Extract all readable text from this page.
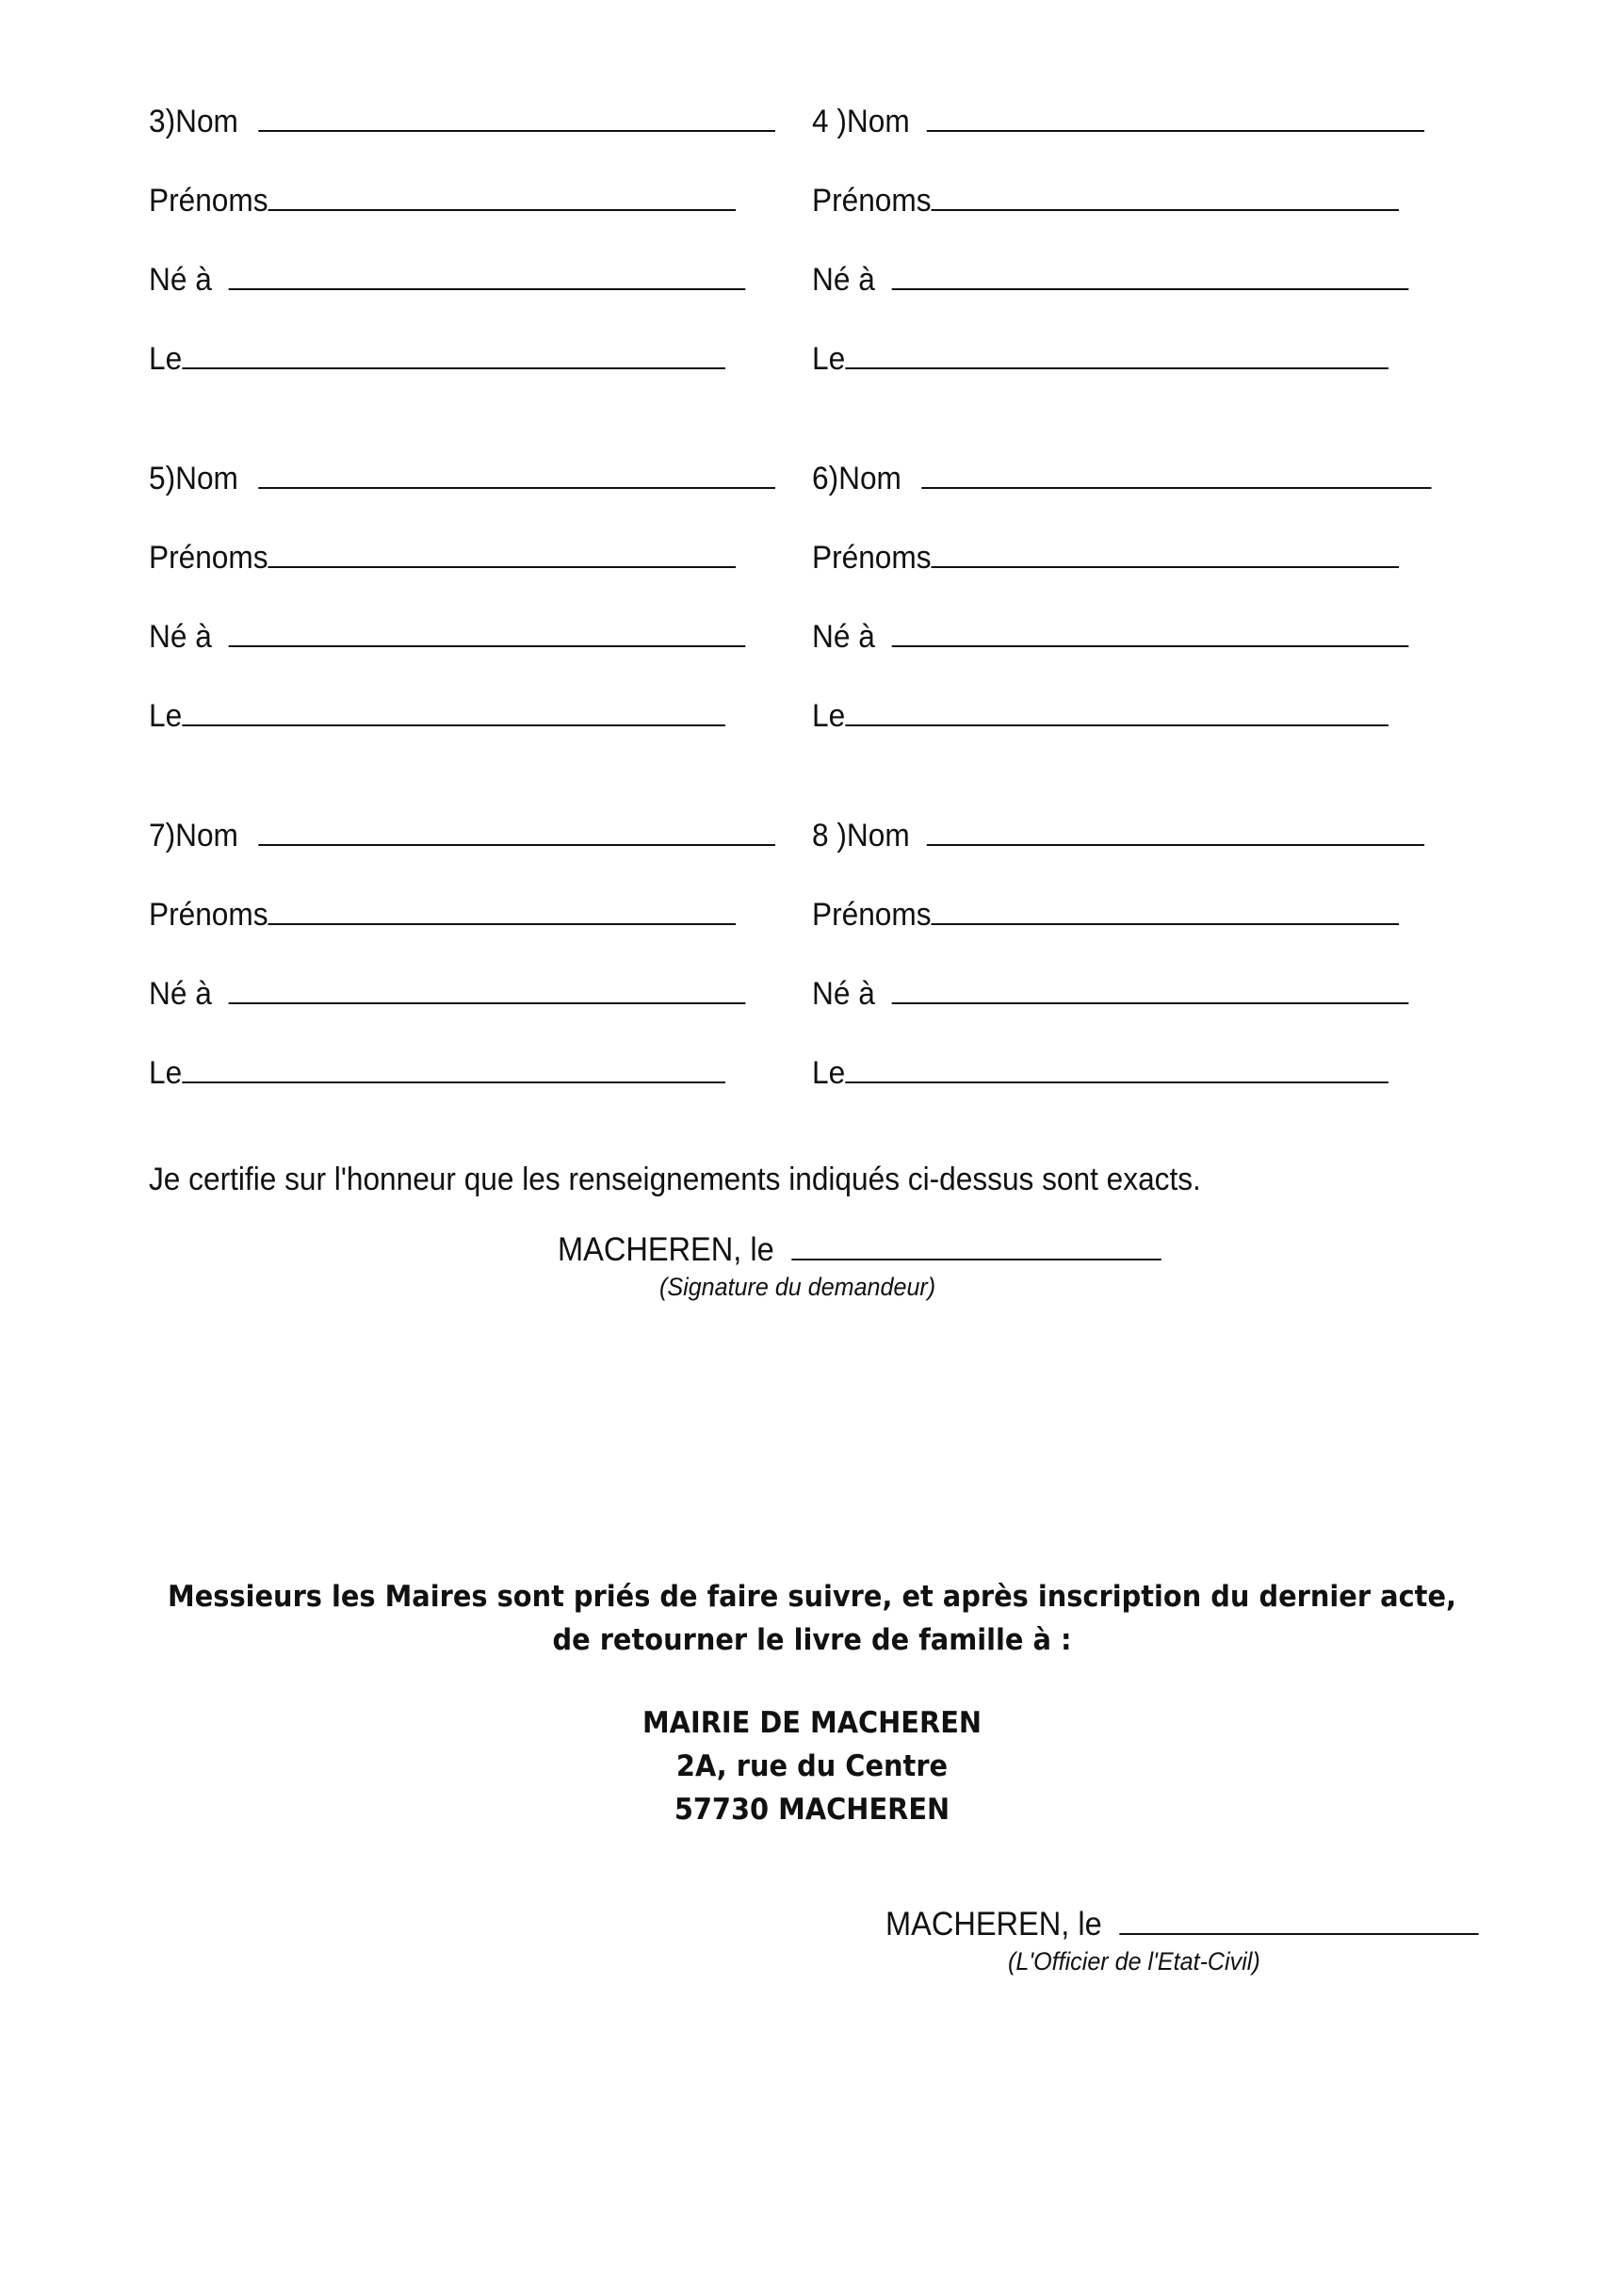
3)Nom
Prénoms
Né à
Le
4 )Nom
Prénoms
Né à
Le
5)Nom
Prénoms
Né à
Le
6)Nom
Prénoms
Né à
Le
7)Nom
Prénoms
Né à
Le
8 )Nom
Prénoms
Né à
Le
Je certifie sur l'honneur que les renseignements indiqués ci-dessus sont exacts.
MACHEREN, le
(Signature du demandeur)
Messieurs les Maires sont priés de faire suivre, et après inscription du dernier acte,
de retourner le livre de famille à :
MAIRIE DE MACHEREN
2A, rue du Centre
57730 MACHEREN
MACHEREN, le
(L'Officier de l'Etat-Civil)
